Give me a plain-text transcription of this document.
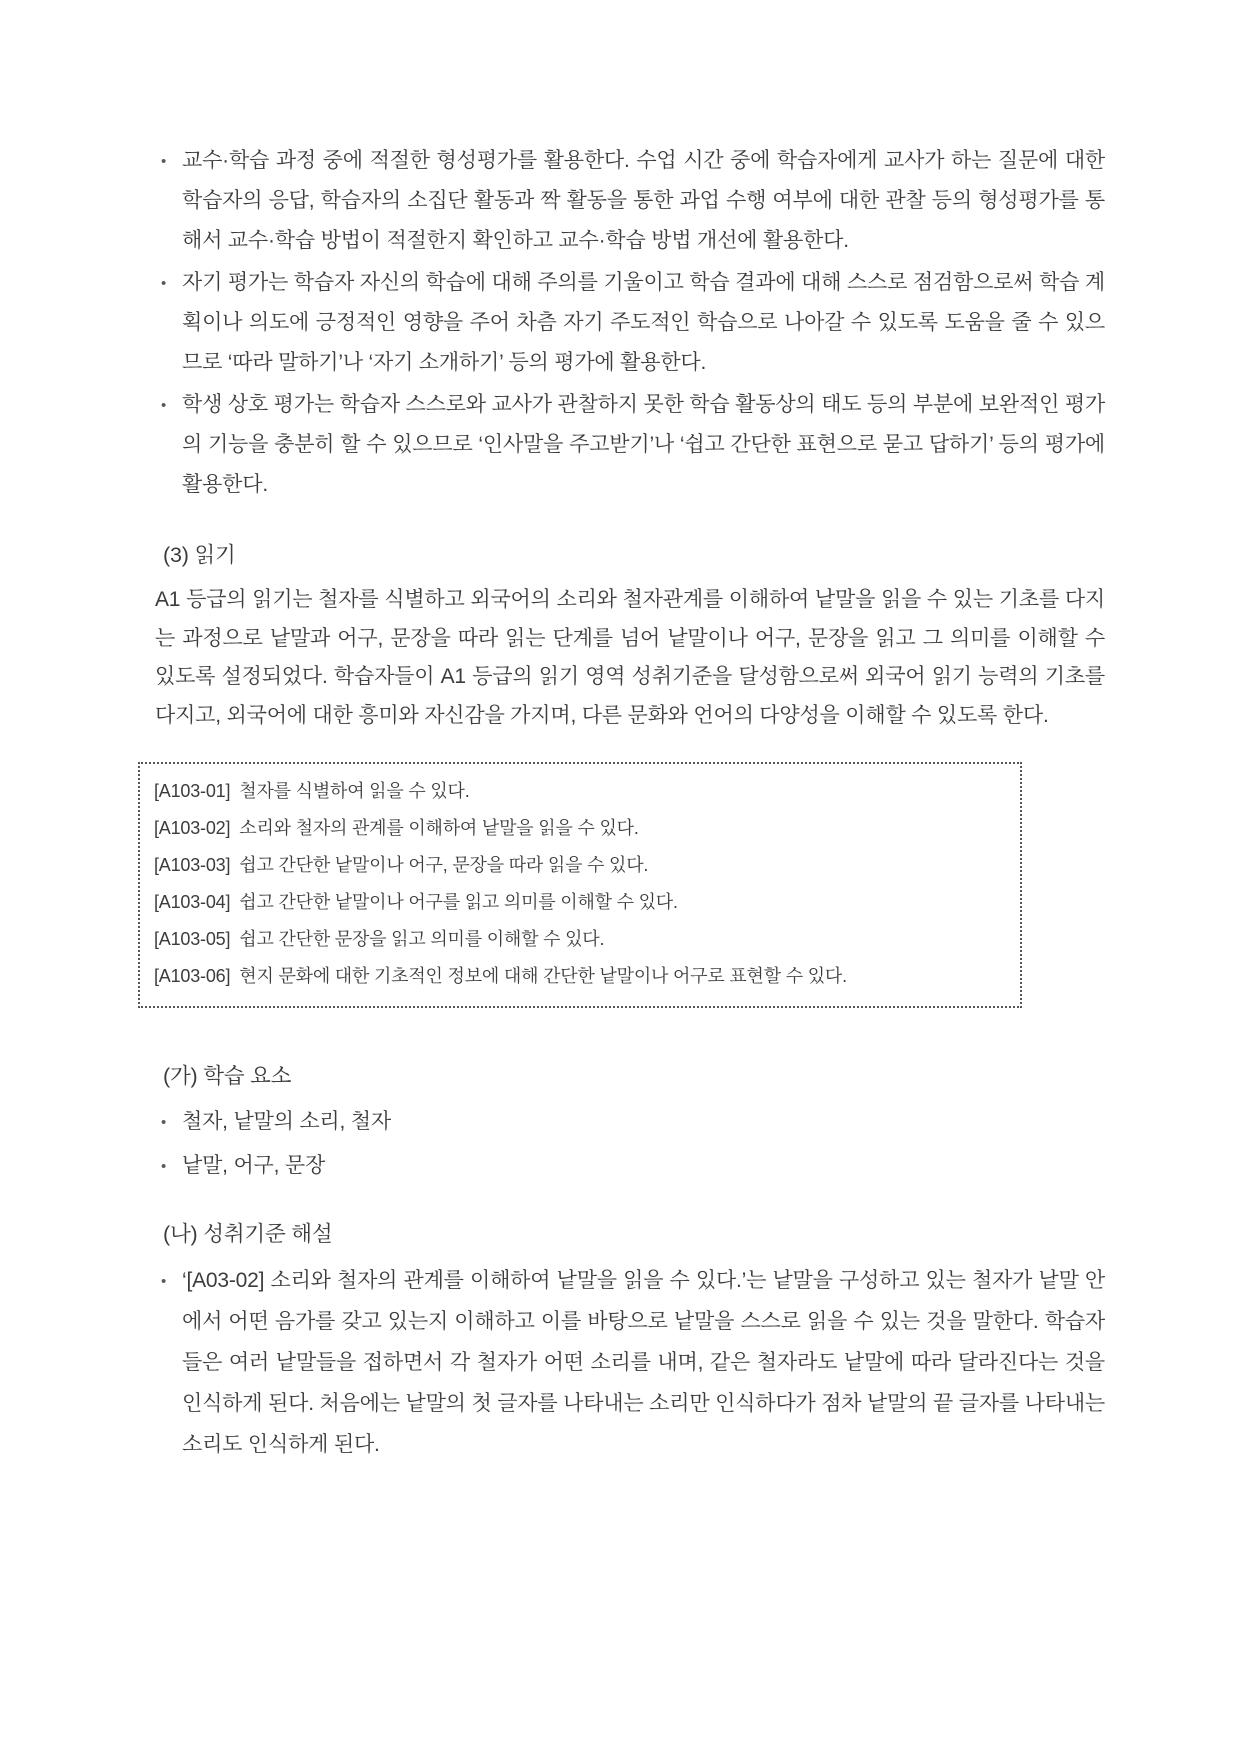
• 교수·학습 과정 중에 적절한 형성평가를 활용한다. 수업 시간 중에 학습자에게 교사가 하는 질문에 대한 학습자의 응답, 학습자의 소집단 활동과 짝 활동을 통한 과업 수행 여부에 대한 관찰 등의 형성평가를 통해서 교수·학습 방법이 적절한지 확인하고 교수·학습 방법 개선에 활용한다.
• 자기 평가는 학습자 자신의 학습에 대해 주의를 기울이고 학습 결과에 대해 스스로 점검함으로써 학습 계획이나 의도에 긍정적인 영향을 주어 차츰 자기 주도적인 학습으로 나아갈 수 있도록 도움을 줄 수 있으므로 ‘따라 말하기’나 ‘자기 소개하기’ 등의 평가에 활용한다.
• 학생 상호 평가는 학습자 스스로와 교사가 관찰하지 못한 학습 활동상의 태도 등의 부분에 보완적인 평가의 기능을 충분히 할 수 있으므로 ‘인사말을 주고받기’나 ‘쉽고 간단한 표현으로 묻고 답하기’ 등의 평가에 활용한다.
(3) 읽기

A1 등급의 읽기는 철자를 식별하고 외국어의 소리와 철자관계를 이해하여 낱말을 읽을 수 있는 기초를 다지는 과정으로 낱말과 어구, 문장을 따라 읽는 단계를 넘어 낱말이나 어구, 문장을 읽고 그 의미를 이해할 수 있도록 설정되었다. 학습자들이 A1 등급의 읽기 영역 성취기준을 달성함으로써 외국어 읽기 능력의 기초를 다지고, 외국어에 대한 흥미와 자신감을 가지며, 다른 문화와 언어의 다양성을 이해할 수 있도록 한다.

[A103-01] 철자를 식별하여 읽을 수 있다.
[A103-02] 소리와 철자의 관계를 이해하여 낱말을 읽을 수 있다.
[A103-03] 쉽고 간단한 낱말이나 어구, 문장을 따라 읽을 수 있다.
[A103-04] 쉽고 간단한 낱말이나 어구를 읽고 의미를 이해할 수 있다.
[A103-05] 쉽고 간단한 문장을 읽고 의미를 이해할 수 있다.
[A103-06] 현지 문화에 대한 기초적인 정보에 대해 간단한 낱말이나 어구로 표현할 수 있다.
(가) 학습 요소
• 철자, 낱말의 소리, 철자
• 낱말, 어구, 문장
(나) 성취기준 해설
• ‘[A03-02] 소리와 철자의 관계를 이해하여 낱말을 읽을 수 있다.’는 낱말을 구성하고 있는 철자가 낱말 안에서 어떤 음가를 갖고 있는지 이해하고 이를 바탕으로 낱말을 스스로 읽을 수 있는 것을 말한다. 학습자들은 여러 낱말들을 접하면서 각 철자가 어떤 소리를 내며, 같은 철자라도 낱말에 따라 달라진다는 것을 인식하게 된다. 처음에는 낱말의 첫 글자를 나타내는 소리만 인식하다가 점차 낱말의 끝 글자를 나타내는 소리도 인식하게 된다.
